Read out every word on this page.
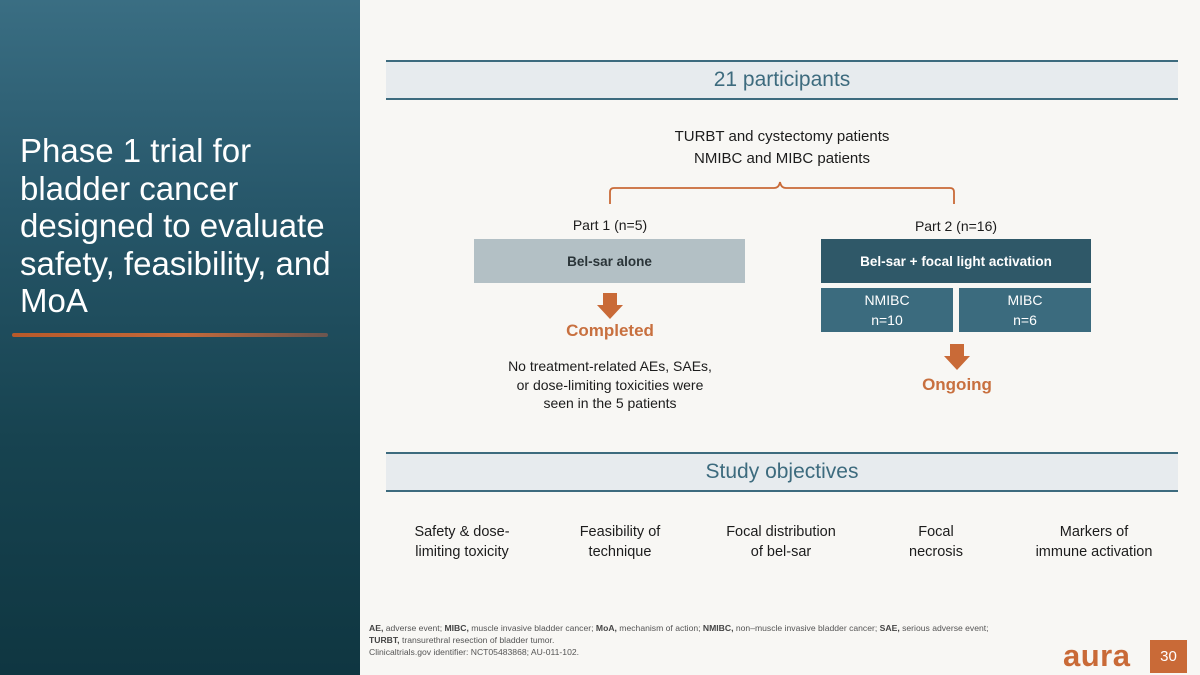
Phase 1 trial for bladder cancer designed to evaluate safety, feasibility, and MoA
21 participants
TURBT and cystectomy patients
NMIBC and MIBC patients
Part 1 (n=5)	Part 2 (n=16)
Bel-sar alone	Bel-sar + focal light activation
NMIBC
n=10
MIBC
n=6
Completed
Ongoing
No treatment-related AEs, SAEs,
or dose-limiting toxicities were
seen in the 5 patients
Study objectives
Safety & dose-
limiting toxicity
Feasibility of
technique
Focal distribution
of bel-sar
Focal
necrosis
Markers of
immune activation
AE, adverse event; MIBC, muscle invasive bladder cancer; MoA, mechanism of action; NMIBC, non–muscle invasive bladder cancer; SAE, serious adverse event;
TURBT, transurethral resection of bladder tumor.
Clinicaltrials.gov identifier: NCT05483868; AU-011-102.	aura 30
